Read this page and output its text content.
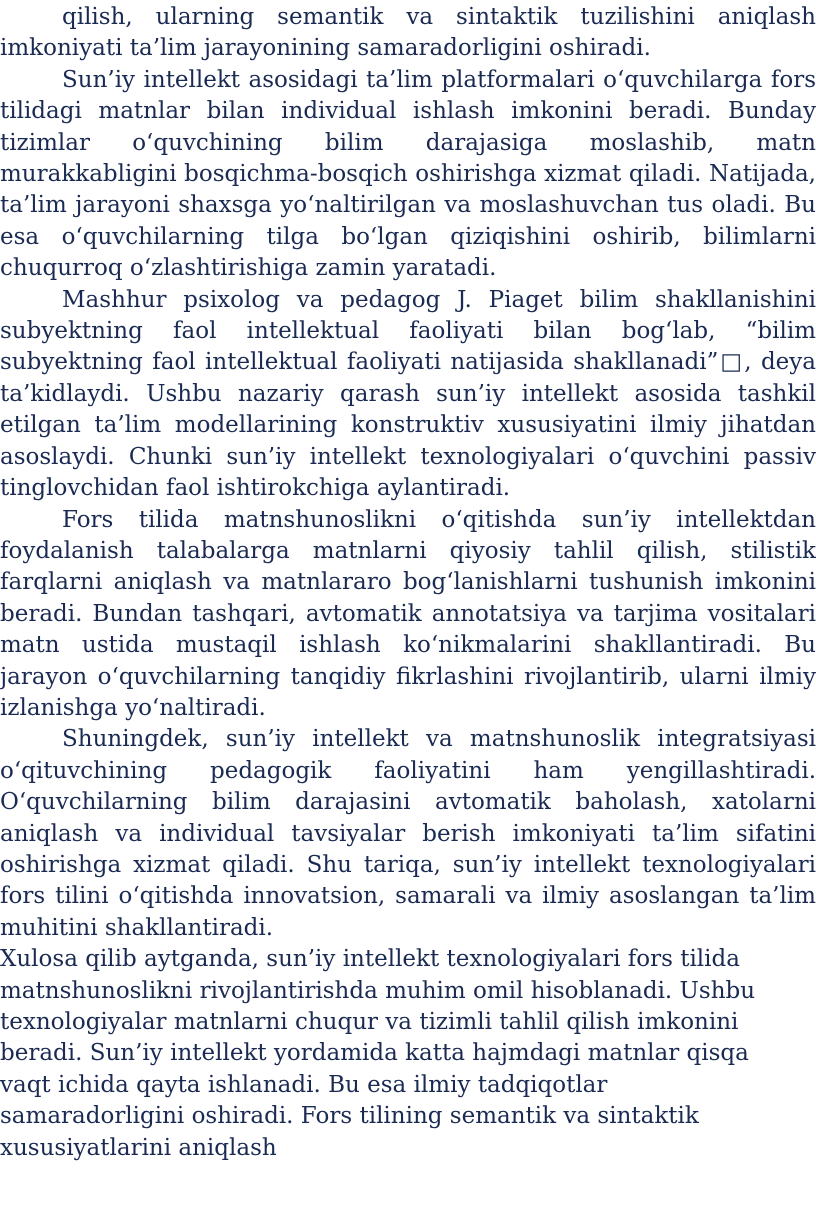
qilish, ularning semantik va sintaktik tuzilishini aniqlash imkoniyati ta’lim jarayonining samaradorligini oshiradi.

Sun’iy intellekt asosidagi ta’lim platformalari o‘quvchilarga fors tilidagi matnlar bilan individual ishlash imkonini beradi. Bunday tizimlar o‘quvchining bilim darajasiga moslashib, matn murakkabligini bosqichma-bosqich oshirishga xizmat qiladi. Natijada, ta’lim jarayoni shaxsga yo‘naltirilgan va moslashuvchan tus oladi. Bu esa o‘quvchilarning tilga bo‘lgan qiziqishini oshirib, bilimlarni chuqurroq o‘zlashtirishiga zamin yaratadi.

Mashhur psixolog va pedagog J. Piaget bilim shakllanishini subyektning faol intellektual faoliyati bilan bog‘lab, “bilim subyektning faol intellektual faoliyati natijasida shakllanadi”□, deya ta’kidlaydi. Ushbu nazariy qarash sun’iy intellekt asosida tashkil etilgan ta’lim modellarining konstruktiv xususiyatini ilmiy jihatdan asoslaydi. Chunki sun’iy intellekt texnologiyalari o‘quvchini passiv tinglovchidan faol ishtirokchiga aylantiradi.

Fors tilida matnshunoslikni o‘qitishda sun’iy intellektdan foydalanish talabalarga matnlarni qiyosiy tahlil qilish, stilistik farqlarni aniqlash va matnlararo bog‘lanishlarni tushunish imkonini beradi. Bundan tashqari, avtomatik annotatsiya va tarjima vositalari matn ustida mustaqil ishlash ko‘nikmalarini shakllantiradi. Bu jarayon o‘quvchilarning tanqidiy fikrlashini rivojlantirib, ularni ilmiy izlanishga yo‘naltiradi.

Shuningdek, sun’iy intellekt va matnshunoslik integratsiyasi o‘qituvchining pedagogik faoliyatini ham yengillashtiradi. O‘quvchilarning bilim darajasini avtomatik baholash, xatolarni aniqlash va individual tavsiyalar berish imkoniyati ta’lim sifatini oshirishga xizmat qiladi. Shu tariqa, sun’iy intellekt texnologiyalari fors tilini o‘qitishda innovatsion, samarali va ilmiy asoslangan ta’lim muhitini shakllantiradi.

Xulosa qilib aytganda, sun’iy intellekt texnologiyalari fors tilida

matnshunoslikni rivojlantirishda muhim omil hisoblanadi. Ushbu

texnologiyalar matnlarni chuqur va tizimli tahlil qilish imkonini

beradi. Sun’iy intellekt yordamida katta hajmdagi matnlar qisqa

vaqt ichida qayta ishlanadi. Bu esa ilmiy tadqiqotlar

samaradorligini oshiradi. Fors tilining semantik va sintaktik

xususiyatlarini aniqlash
